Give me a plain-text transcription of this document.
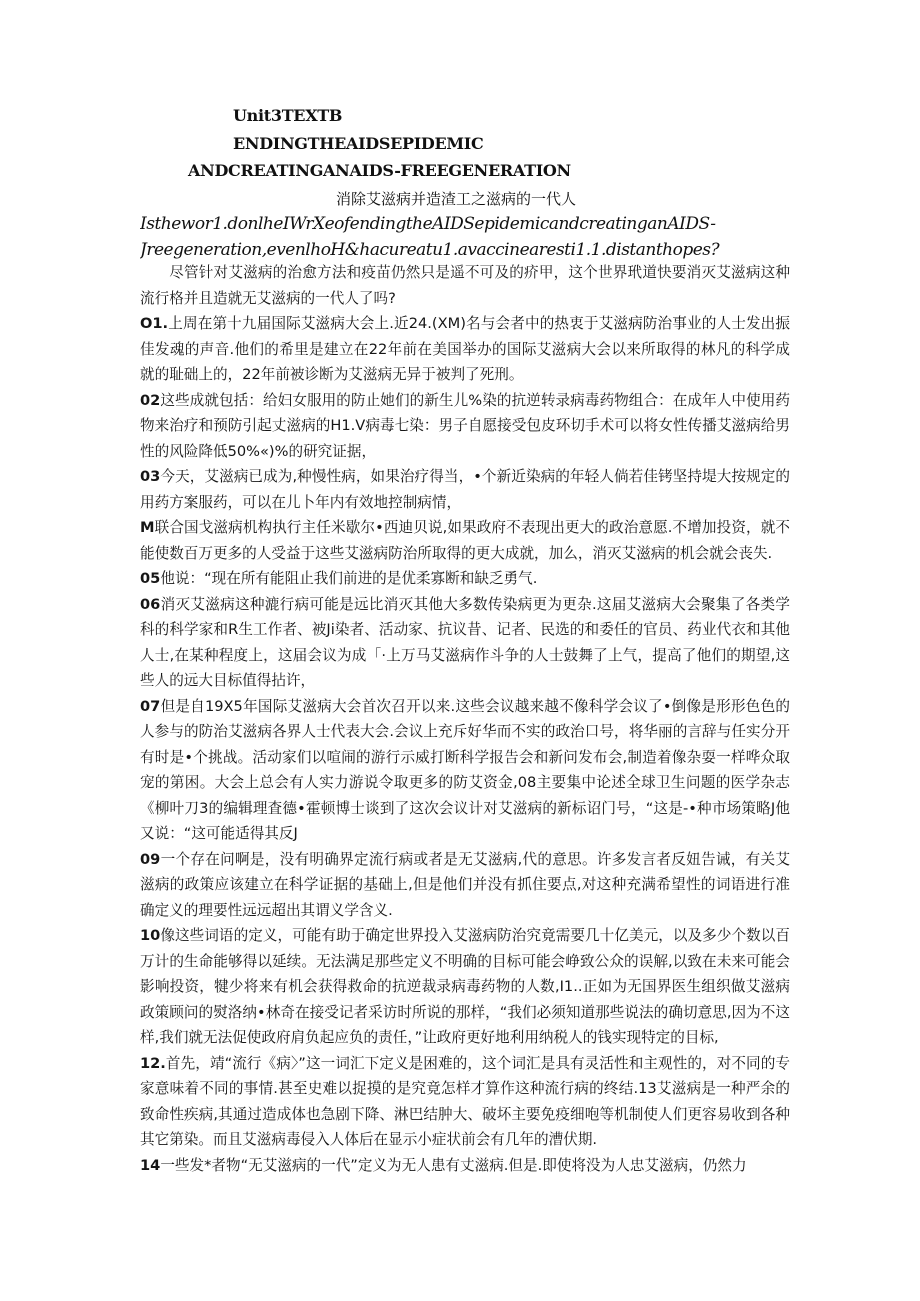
Unit3TEXTB
ENDINGTHEAIDSEPIDEMIC
ANDCREATINGANAIDS-FREEGENERATION
消除艾滋病并造渣工之滋病的一代人
Isthewor1.donlheIWrXeofendingtheAIDSepidemicandcreatinganAIDS-
Jreegeneration,evenlhoH&hacureatu1.avaccinearesti1.1.distanthopes?

尽管针对艾滋病的治愈方法和疫苗仍然只是遥不可及的疥甲，这个世界玳道快要消灭艾滋病这种流行格并且造就无艾滋病的一代人了吗?

O1.上周在第十九届国际艾滋病大会上.近24.(XM)名与会者中的热衷于艾滋病防治事业的人士发出振佳发魂的声音.他们的希里是建立在22年前在美国举办的国际艾滋病大会以来所取得的林凡的科学成就的耻础上的，22年前被诊断为艾滋病无异于被判了死刑。

02这些成就包括：给妇女服用的防止她们的新生儿%染的抗逆转录病毒药物组合：在成年人中使用药物来治疗和预防引起丈滋病的H1.V病毒七染：男子自愿接受包皮环切手术可以将女性传播艾滋病给男性的风险降低50%«)%的研究证据，

03今天，艾滋病已成为,种慢性病，如果治疗得当，•个新近染病的年轻人倘若佳铐坚持堤大按规定的用药方案服药，可以在儿卜年内有效地控制病情，

M联合国戈滋病机构执行主任米歇尔•西迪贝说,如果政府不表现出更大的政治意愿.不增加投资，就不能使数百万更多的人受益于这些艾滋病防治所取得的更大成就，加么，消灭艾滋病的机会就会丧失.

05他说：“现在所有能阻止我们前进的是优柔寡断和缺乏勇气.

06消灭艾滋病这种漉行病可能是远比消灭其他大多数传染病更为更杂.这届艾滋病大会聚集了各类学科的科学家和R生工作者、被Ji染者、活动家、抗议昔、记者、民选的和委任的官员、药业代衣和其他人士,在某种程度上，这届会议为成「·上万马艾滋病作斗争的人士鼓舞了上气，提高了他们的期望,这些人的远大目标值得拈许，

07但是自19X5年国际艾滋病大会首次召开以来.这些会议越来越不像科学会议了•倒像是形形色色的人参与的防治艾滋病各界人士代表大会.会议上充斥好华而不实的政治口号，将华丽的言辞与任实分开有时是•个挑战。活动家们以喧闹的游行示威打断科学报告会和新问发布会,制造着像杂耍一样哗众取宠的第困。大会上总会有人实力游说令取更多的防艾资金,08主要集中论述全球卫生问题的医学杂志《柳叶刀3的编辑理査德•霍顿博士谈到了这次会议计对艾滋病的新标诏门号，“这是-•种市场策略J他又说：“这可能适得其反J

09一个存在问啊是，没有明确界定流行病或者是无艾滋病,代的意思。许多发言者反妞告诫，有关艾滋病的政策应该建立在科学证据的基础上,但是他们并没有抓住要点,对这种充满希望性的词语进行准确定义的理要性远远超出其谓义学含义.

10像这些词语的定义，可能有助于确定世界投入艾滋病防治究竟需要几十亿美元，以及多少个数以百万计的生命能够得以延续。无法满足那些定义不明确的目标可能会峥致公众的误解,以致在未来可能会影响投资，犍少将来有机会获得救命的抗逆裁录病毒药物的人数,I1..正如为无国界医生组织做艾滋病政策顾问的熨洛纳•林奇在接受记者采访时所说的那样，“我们必须知道那些说法的确切意思,因为不这样,我们就无法促使政府肩负起应负的责任，”让政府更好地利用纳税人的钱实现特定的目标,

12.首先，靖“流行《病〉”这一词汇下定义是困难的，这个词汇是具有灵活性和主观性的，对不同的专家意味着不同的事情.甚至史难以捉摸的是究竟怎样才算作这种流行病的终结.13艾滋病是一种严余的致命性疾病,其通过造成体也急剧下降、淋巴结肿大、破坏主要免疫细咆等机制使人们更容易收到各种其它第染。而且艾滋病毒侵入人体后在显示小症状前会有几年的漕伏期.

14一些发*者物“无艾滋病的一代”定义为无人患有丈滋病.但是.即使将没为人忠艾滋病，仍然力
